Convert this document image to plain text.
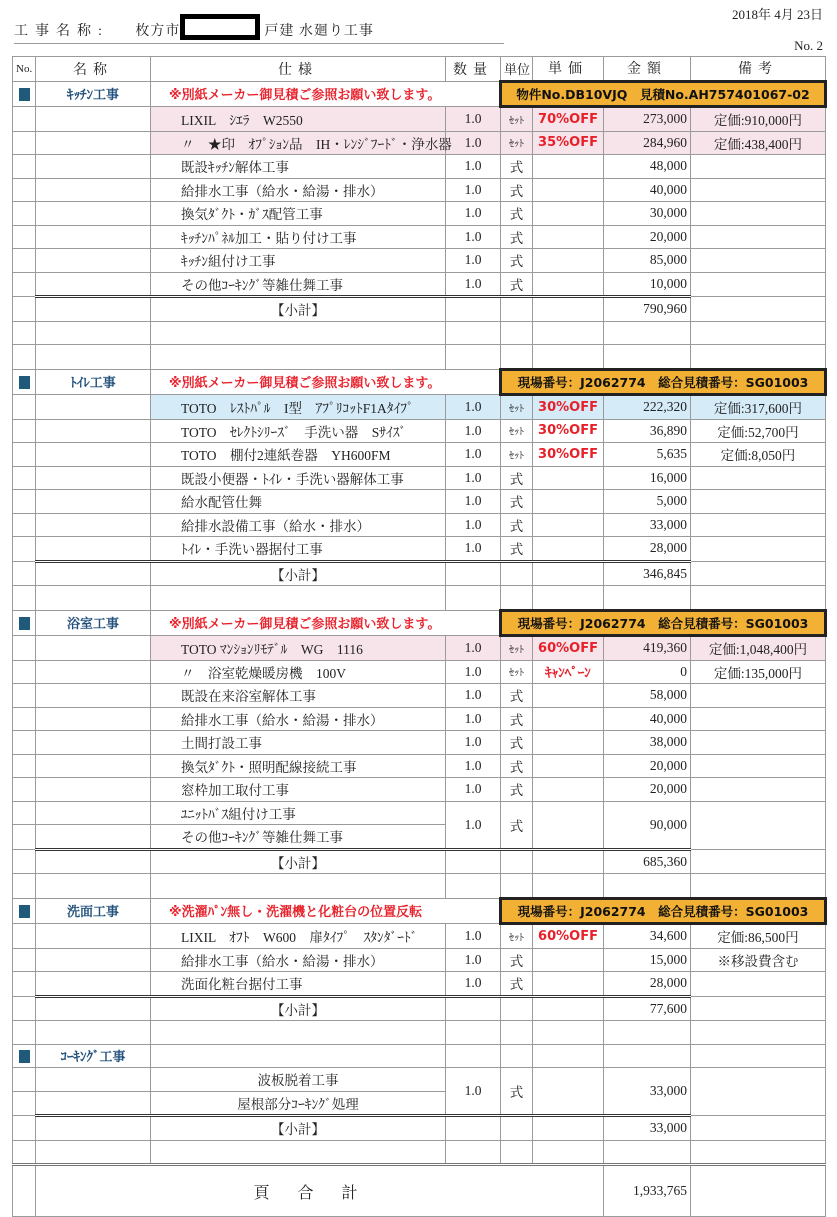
2018年 4月 23日
工事名称: 枚方市	戸建 水廻り工事
No. 2
No.	名称	仕様	数量	単位	単価	金額	備考
	ｷｯﾁﾝ工事	※別紙メーカー御見積ご参照お願い致します。		物件No.DB10VJQ　見積No.AH757401067-02			
		LIXIL　ｼｴﾗ　W2550	1.0	ｾｯﾄ	70%OFF	273,000	定価:910,000円
		〃　★印　ｵﾌﾟｼｮﾝ品　IH・ﾚﾝｼﾞﾌｰﾄﾞ・浄水器	1.0	ｾｯﾄ	35%OFF	284,960	定価:438,400円
		既設ｷｯﾁﾝ解体工事	1.0	式		48,000	
		給排水工事（給水・給湯・排水）	1.0	式		40,000	
		換気ﾀﾞｸﾄ・ｶﾞｽ配管工事	1.0	式		30,000	
		ｷｯﾁﾝﾊﾟﾈﾙ加工・貼り付け工事	1.0	式		20,000	
		ｷｯﾁﾝ組付け工事	1.0	式		85,000	
		その他ｺｰｷﾝｸﾞ等雑仕舞工事	1.0	式		10,000	
		【小計】				790,960	

	ﾄｲﾚ工事	※別紙メーカー御見積ご参照お願い致します。		現場番号：J2062774　総合見積番号：SG01003			
		TOTO　ﾚｽﾄﾊﾟﾙ　I型　ｱﾌﾟﾘｺｯﾄF1Aﾀｲﾌﾟ	1.0	ｾｯﾄ	30%OFF	222,320	定価:317,600円
		TOTO　ｾﾚｸﾄｼﾘｰｽﾞ　手洗い器　Sｻｲｽﾞ	1.0	ｾｯﾄ	30%OFF	36,890	定価:52,700円
		TOTO　棚付2連紙巻器　YH600FM	1.0	ｾｯﾄ	30%OFF	5,635	定価:8,050円
		既設小便器・ﾄｲﾚ・手洗い器解体工事	1.0	式		16,000	
		給水配管仕舞	1.0	式		5,000	
		給排水設備工事（給水・排水）	1.0	式		33,000	
		ﾄｲﾚ・手洗い器据付工事	1.0	式		28,000	
		【小計】				346,845	

	浴室工事	※別紙メーカー御見積ご参照お願い致します。		現場番号：J2062774　総合見積番号：SG01003			
		TOTO ﾏﾝｼｮﾝﾘﾓﾃﾞﾙ　WG　1116	1.0	ｾｯﾄ	60%OFF	419,360	定価:1,048,400円
		〃　浴室乾燥暖房機　100V	1.0	ｾｯﾄ	ｷｬﾝﾍﾟｰﾝ	0	定価:135,000円
		既設在来浴室解体工事	1.0	式		58,000	
		給排水工事（給水・給湯・排水）	1.0	式		40,000	
		土間打設工事	1.0	式		38,000	
		換気ﾀﾞｸﾄ・照明配線接続工事	1.0	式		20,000	
		窓枠加工取付工事	1.0	式		20,000	
		ﾕﾆｯﾄﾊﾞｽ組付け工事	1.0	式		90,000	
		その他ｺｰｷﾝｸﾞ等雑仕舞工事					
		【小計】				685,360	

	洗面工事	※洗濯ﾊﾟﾝ無し・洗濯機と化粧台の位置反転		現場番号：J2062774　総合見積番号：SG01003			
		LIXIL　ｵﾌﾄ　W600　扉ﾀｲﾌﾟ　ｽﾀﾝﾀﾞｰﾄﾞ	1.0	ｾｯﾄ	60%OFF	34,600	定価:86,500円
		給排水工事（給水・給湯・排水）	1.0	式		15,000	※移設費含む
		洗面化粧台据付工事	1.0	式		28,000	
		【小計】				77,600	

	ｺｰｷﾝｸﾞ工事						
		波板脱着工事	1.0	式		33,000	
		屋根部分ｺｰｷﾝｸﾞ処理					
		【小計】				33,000	

	頁合計					1,933,765	
